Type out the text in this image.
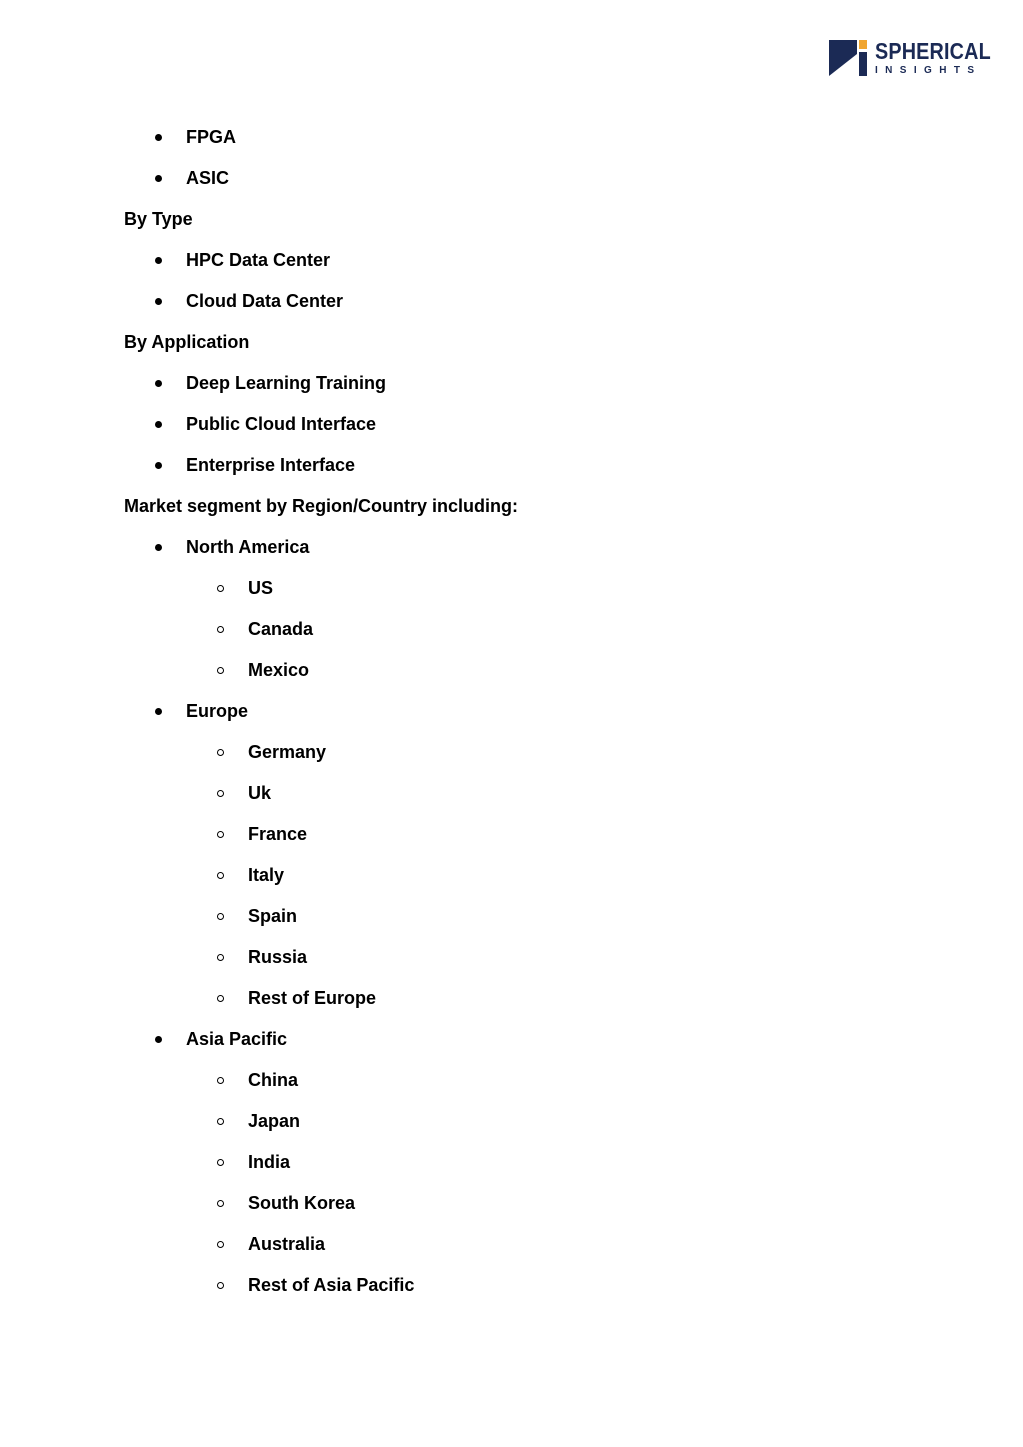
SPHERICAL
INSIGHTS
FPGA
ASIC
By Type
HPC Data Center
Cloud Data Center
By Application
Deep Learning Training
Public Cloud Interface
Enterprise Interface
Market segment by Region/Country including:
North America
US
Canada
Mexico
Europe
Germany
Uk
France
Italy
Spain
Russia
Rest of Europe
Asia Pacific
China
Japan
India
South Korea
Australia
Rest of Asia Pacific
